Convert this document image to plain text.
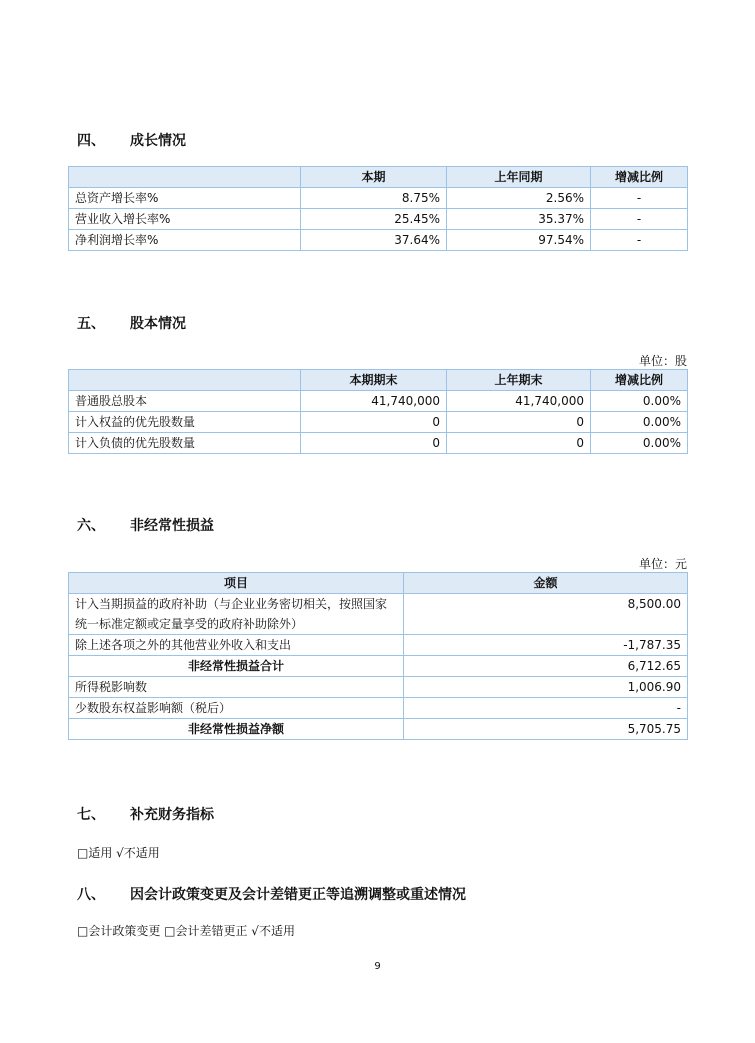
四、	成长情况
	本期	上年同期	增减比例
总资产增长率%	8.75%	2.56%	-
营业收入增长率%	25.45%	35.37%	-
净利润增长率%	37.64%	97.54%	-
五、	股本情况
单位：股
	本期期末	上年期末	增减比例
普通股总股本	41,740,000	41,740,000	0.00%
计入权益的优先股数量	0	0	0.00%
计入负债的优先股数量	0	0	0.00%
六、	非经常性损益
单位：元
项目	金额
计入当期损益的政府补助（与企业业务密切相关，按照国家统一标准定额或定量享受的政府补助除外）	8,500.00
除上述各项之外的其他营业外收入和支出	-1,787.35
非经常性损益合计	6,712.65
所得税影响数	1,006.90
少数股东权益影响额（税后）	-
非经常性损益净额	5,705.75
七、	补充财务指标
□适用 √不适用
八、	因会计政策变更及会计差错更正等追溯调整或重述情况
□会计政策变更 □会计差错更正 √不适用
9
